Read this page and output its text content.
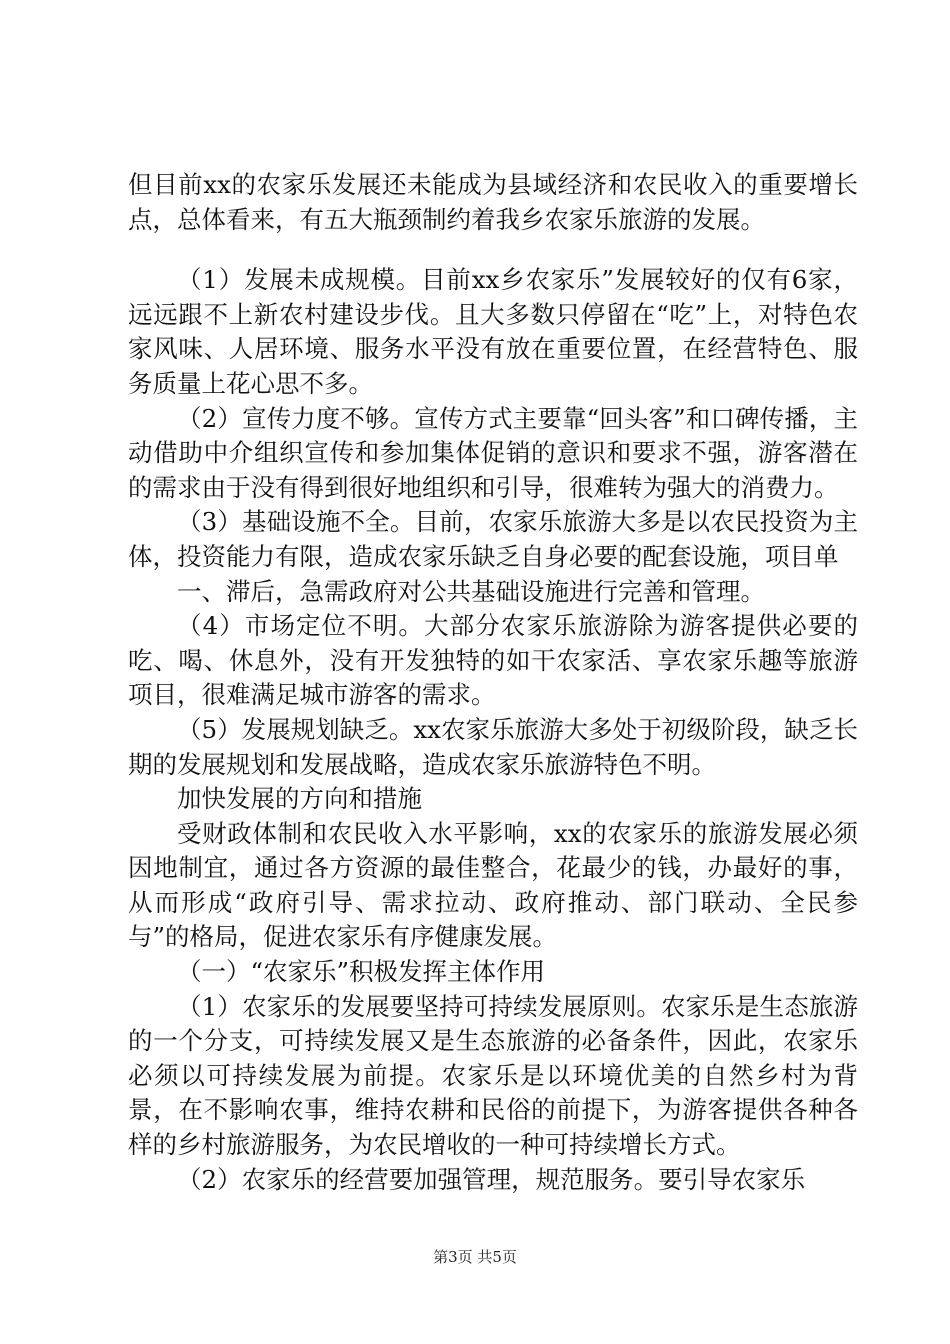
但目前xx的农家乐发展还未能成为县域经济和农民收入的重要增长点，总体看来，有五大瓶颈制约着我乡农家乐旅游的发展。

（1）发展未成规模。目前xx乡农家乐”发展较好的仅有6家，远远跟不上新农村建设步伐。且大多数只停留在“吃”上，对特色农家风味、人居环境、服务水平没有放在重要位置，在经营特色、服务质量上花心思不多。

（2）宣传力度不够。宣传方式主要靠“回头客”和口碑传播，主动借助中介组织宣传和参加集体促销的意识和要求不强，游客潜在的需求由于没有得到很好地组织和引导，很难转为强大的消费力。

（3）基础设施不全。目前，农家乐旅游大多是以农民投资为主体，投资能力有限，造成农家乐缺乏自身必要的配套设施，项目单

一、滞后，急需政府对公共基础设施进行完善和管理。

（4）市场定位不明。大部分农家乐旅游除为游客提供必要的吃、喝、休息外，没有开发独特的如干农家活、享农家乐趣等旅游项目，很难满足城市游客的需求。

（5）发展规划缺乏。xx农家乐旅游大多处于初级阶段，缺乏长期的发展规划和发展战略，造成农家乐旅游特色不明。

加快发展的方向和措施

受财政体制和农民收入水平影响，xx的农家乐的旅游发展必须因地制宜，通过各方资源的最佳整合，花最少的钱，办最好的事，从而形成“政府引导、需求拉动、政府推动、部门联动、全民参与”的格局，促进农家乐有序健康发展。

（一）“农家乐”积极发挥主体作用

（1）农家乐的发展要坚持可持续发展原则。农家乐是生态旅游的一个分支，可持续发展又是生态旅游的必备条件，因此，农家乐必须以可持续发展为前提。农家乐是以环境优美的自然乡村为背景，在不影响农事，维持农耕和民俗的前提下，为游客提供各种各样的乡村旅游服务，为农民增收的一种可持续增长方式。

（2）农家乐的经营要加强管理，规范服务。要引导农家乐

第3页 共5页
